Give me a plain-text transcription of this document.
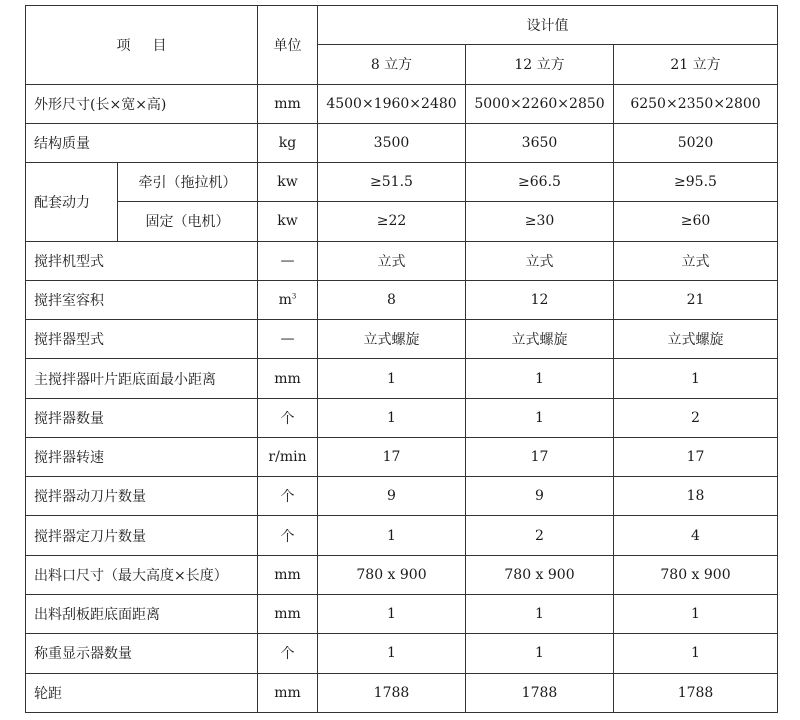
项 目		单位	设计值		
			8 立方	12 立方	21 立方
外形尺寸(长×宽×高)		mm	4500×1960×2480	5000×2260×2850	6250×2350×2800
结构质量		kg	3500	3650	5020
配套动力	牵引（拖拉机）	kw	≥51.5	≥66.5	≥95.5
	固定（电机）	kw	≥22	≥30	≥60
搅拌机型式		—	立式	立式	立式
搅拌室容积		$m^3$	8	12	21
搅拌器型式		—	立式螺旋	立式螺旋	立式螺旋
主搅拌器叶片距底面最小距离		mm	1	1	1
搅拌器数量		个	1	1	2
搅拌器转速		r/min	17	17	17
搅拌器动刀片数量		个	9	9	18
搅拌器定刀片数量		个	1	2	4
出料口尺寸（最大高度×长度）		mm	780 x 900	780 x 900	780 x 900
出料刮板距底面距离		mm	1	1	1
称重显示器数量		个	1	1	1
轮距		mm	1788	1788	1788
